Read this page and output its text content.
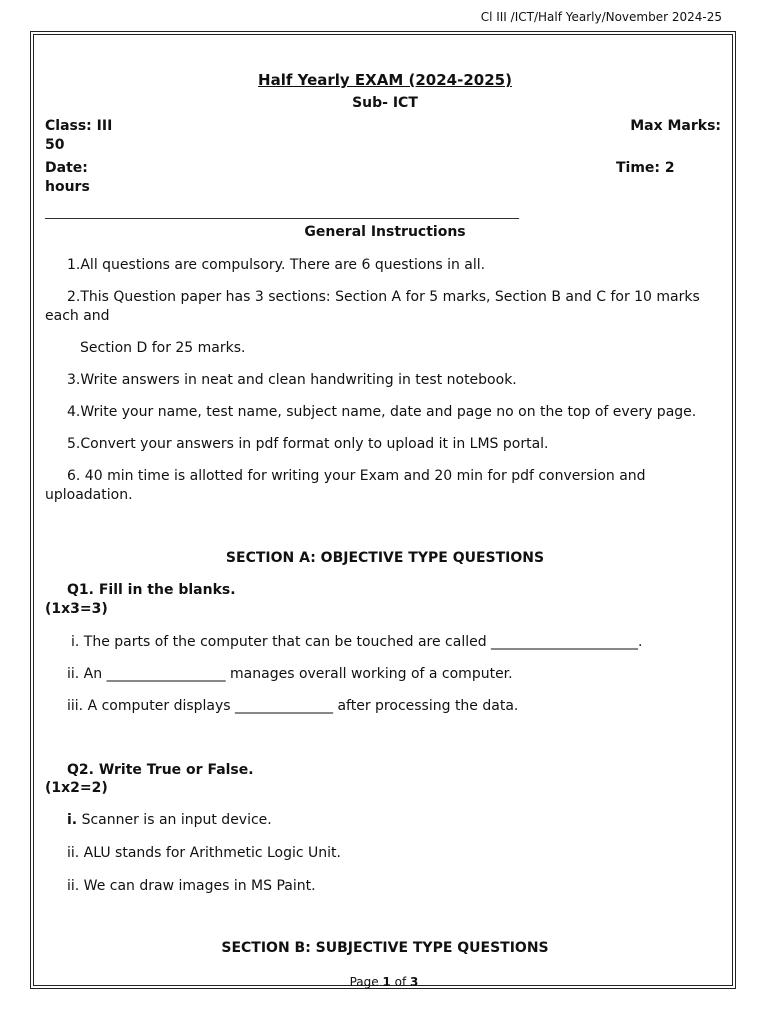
Cl III /ICT/Half Yearly/November 2024-25
Half Yearly EXAM (2024-2025)
Sub- ICT
Class: III	Max Marks:
50
Date:	Time: 2
hours
_______________________________________________________________________________
General Instructions
1.All questions are compulsory. There are 6 questions in all.
2.This Question paper has 3 sections: Section A for 5 marks, Section B and C for 10 marks
each and
Section D for 25 marks.
3.Write answers in neat and clean handwriting in test notebook.
4.Write your name, test name, subject name, date and page no on the top of every page.
5.Convert your answers in pdf format only to upload it in LMS portal.
6. 40 min time is allotted for writing your Exam and 20 min for pdf conversion and
uploadation.
SECTION A: OBJECTIVE TYPE QUESTIONS
Q1. Fill in the blanks.
(1x3=3)
i. The parts of the computer that can be touched are called _____________________.
ii. An _________________ manages overall working of a computer.
iii. A computer displays ______________ after processing the data.
Q2. Write True or False.
(1x2=2)
i. Scanner is an input device.
ii. ALU stands for Arithmetic Logic Unit.
ii. We can draw images in MS Paint.
SECTION B: SUBJECTIVE TYPE QUESTIONS
Page 1 of 3
